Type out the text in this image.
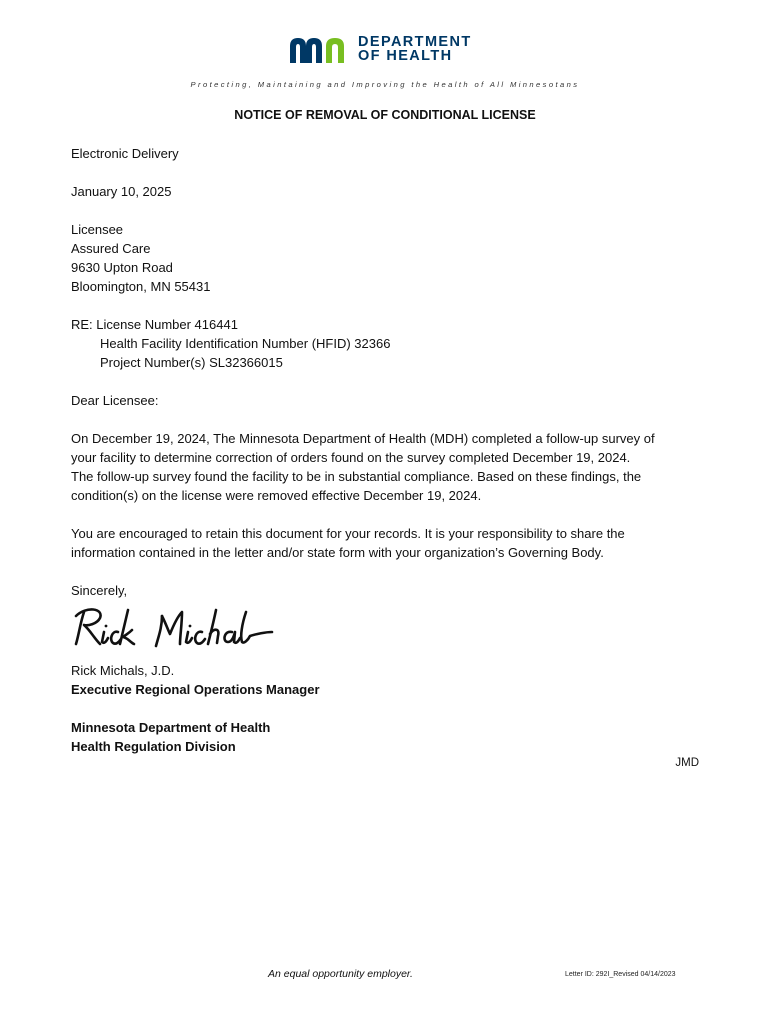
DEPARTMENT
OF HEALTH
Protecting, Maintaining and Improving the Health of All Minnesotans
NOTICE OF REMOVAL OF CONDITIONAL LICENSE
Electronic Delivery
January 10, 2025
Licensee
Assured Care
9630 Upton Road
Bloomington, MN 55431
RE: License Number 416441
Health Facility Identification Number (HFID) 32366
Project Number(s) SL32366015
Dear Licensee:
On December 19, 2024, The Minnesota Department of Health (MDH) completed a follow-up survey of
your facility to determine correction of orders found on the survey completed December 19, 2024.
The follow-up survey found the facility to be in substantial compliance. Based on these findings, the
condition(s) on the license were removed effective December 19, 2024.
You are encouraged to retain this document for your records. It is your responsibility to share the
information contained in the letter and/or state form with your organization’s Governing Body.
Sincerely,
Rick Michals, J.D.
Executive Regional Operations Manager
Minnesota Department of Health
Health Regulation Division
JMD
An equal opportunity employer.	Letter ID: 292I_Revised 04/14/2023
